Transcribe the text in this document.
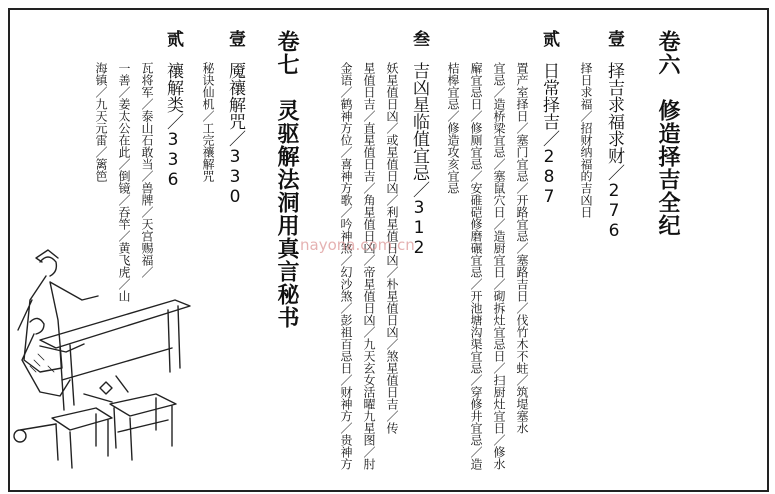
卷六　修造择吉全纪
壹
择吉求福求财／276
择日求福／招财纳福的吉凶日
贰
日常择吉／287
置产室择日／塞门宜忌／开路宜忌／塞路吉日／伐竹木不蛀／筑堤塞水
宜忌／造桥梁宜忌／塞鼠穴日／造厨宜日／砌拆灶宜忌日／扫厨灶宜日／修水
廨宜忌日／修厕宜忌／安碓硙修磨碾宜忌／开池塘沟渠宜忌／穿修井宜忌／造
桔槔宜忌／修造攻亥宜忌
叁
吉凶星临值宜忌／312
妖星值日凶／或星值日凶／利星值日凶／朴星值日凶／煞星值日吉／传
星值日吉／直星值日吉／角星值日凶／帝星值日凶／九天玄女活曜九星图／肘
金语／鹤神方位／喜神方歌／吟神煞／幻沙煞／彭祖百忌日／财神方／贵神方
卷七　灵驱解法洞用真言秘书
壹
魇禳解咒／330
秘诀仙机／工完禳解咒
贰
禳解类／336
瓦将军／泰山石敢当／兽牌／天宫赐福／
一善／姜太公在此／倒镜／吞竿／黄飞虎／山
海镇／九天元雷／篱笆
nayona.com.cn
